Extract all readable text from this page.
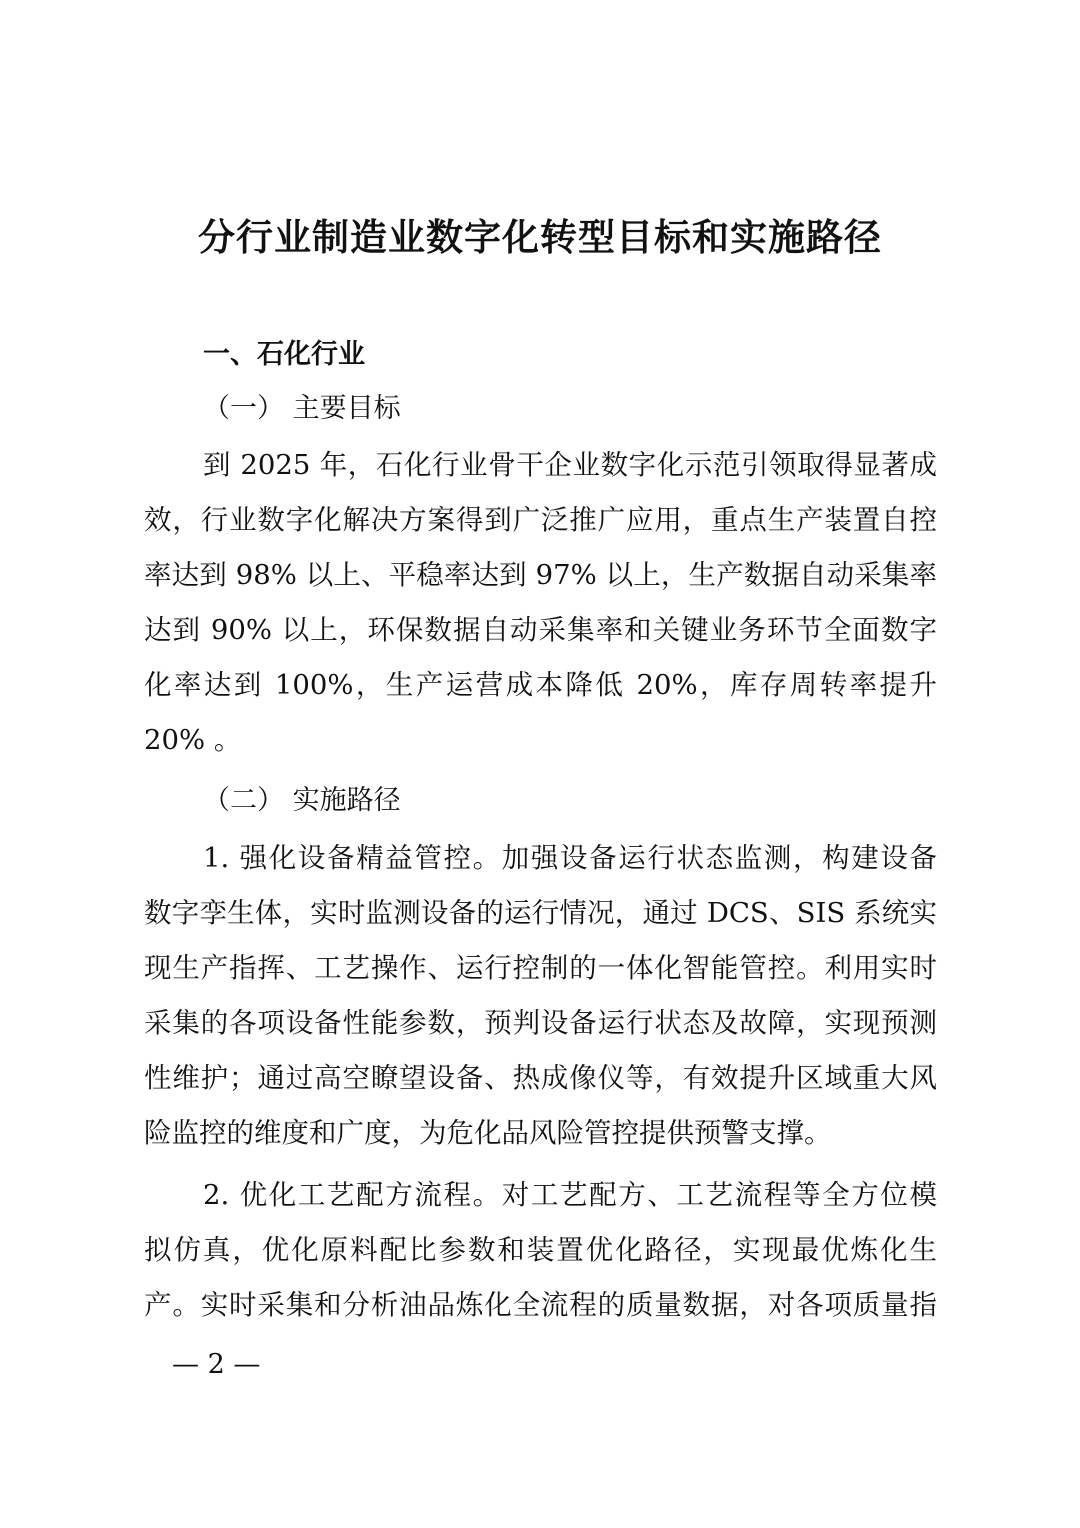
分行业制造业数字化转型目标和实施路径
一、石化行业
（一） 主要目标
到 2025 年，石化行业骨干企业数字化示范引领取得显著成
效，行业数字化解决方案得到广泛推广应用，重点生产装置自控
率达到 98% 以上、平稳率达到 97% 以上，生产数据自动采集率
达到 90% 以上，环保数据自动采集率和关键业务环节全面数字
化率达到 100%，生产运营成本降低 20%，库存周转率提升
20% 。
（二） 实施路径
1. 强化设备精益管控。加强设备运行状态监测，构建设备
数字孪生体，实时监测设备的运行情况，通过 DCS、SIS 系统实
现生产指挥、工艺操作、运行控制的一体化智能管控。利用实时
采集的各项设备性能参数，预判设备运行状态及故障，实现预测
性维护；通过高空瞭望设备、热成像仪等，有效提升区域重大风
险监控的维度和广度，为危化品风险管控提供预警支撑。
2. 优化工艺配方流程。对工艺配方、工艺流程等全方位模
拟仿真，优化原料配比参数和装置优化路径，实现最优炼化生
产。实时采集和分析油品炼化全流程的质量数据，对各项质量指
— 2 —
